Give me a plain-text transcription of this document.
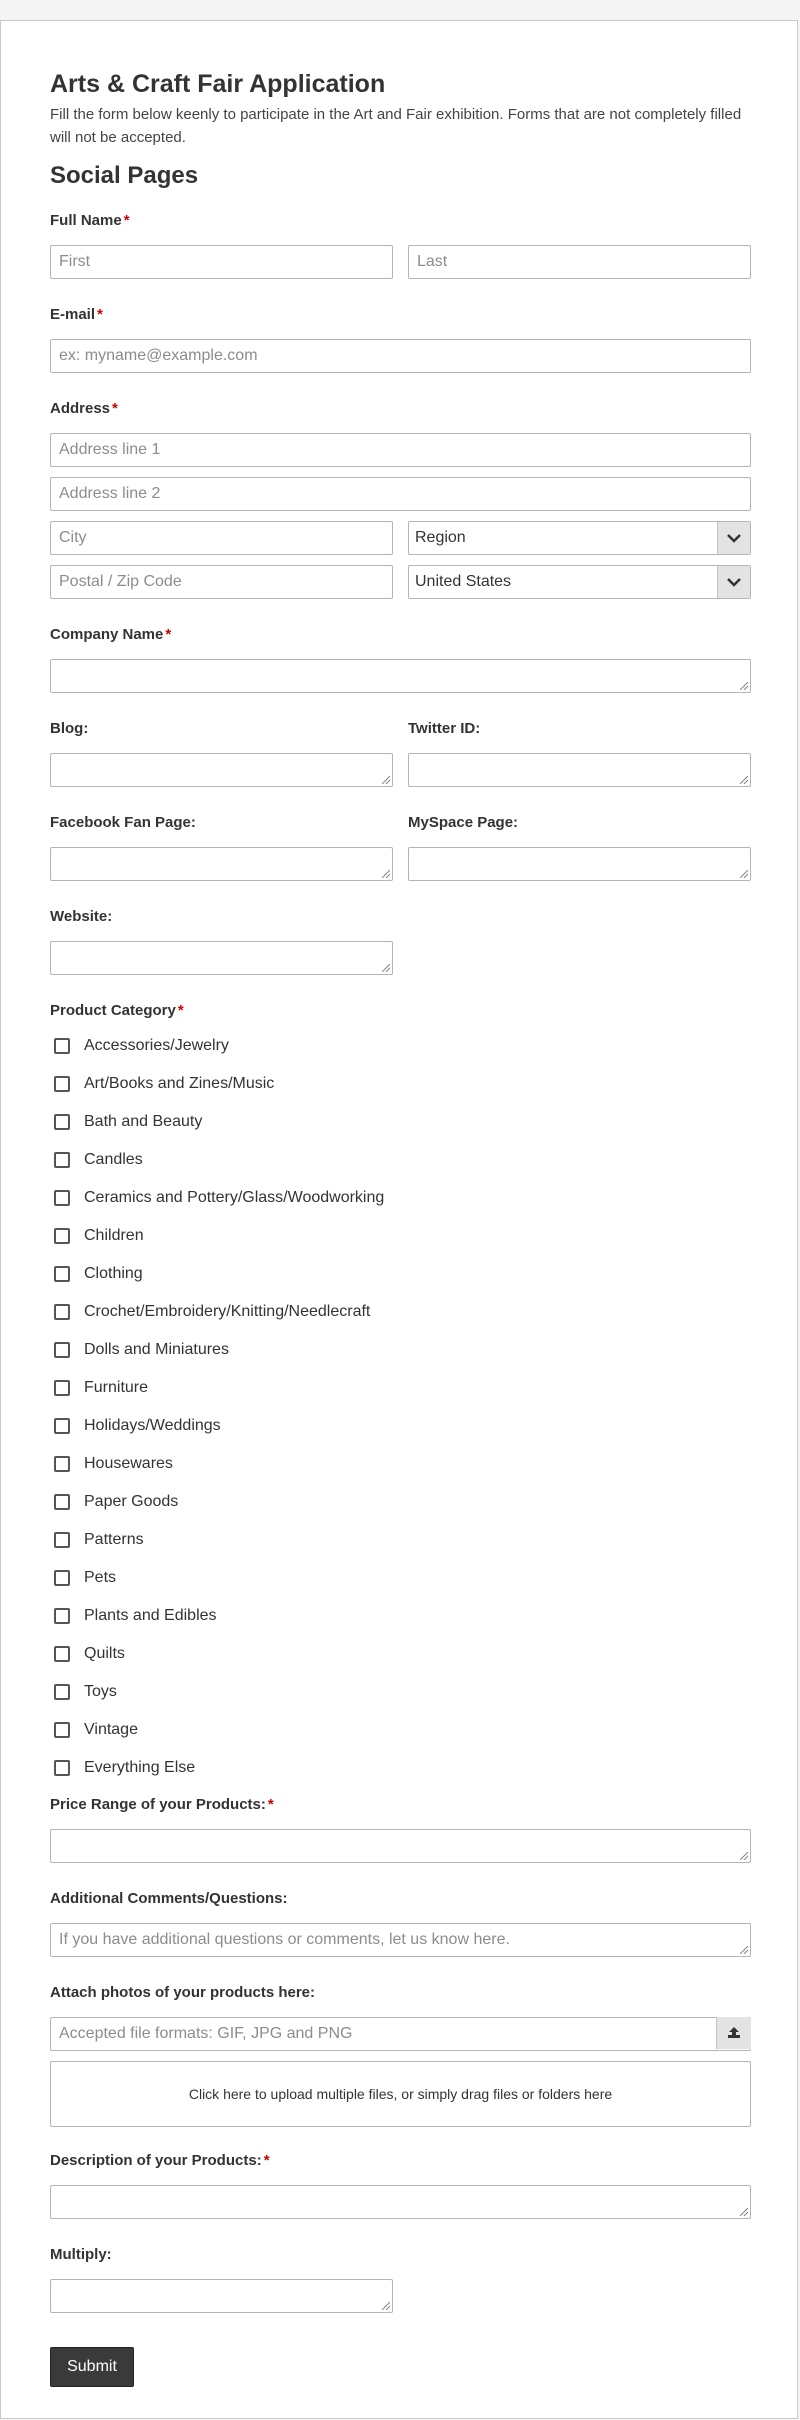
Arts & Craft Fair Application
Fill the form below keenly to participate in the Art and Fair exhibition. Forms that are not completely filled will not be accepted.
Social Pages
Full Name *
First
Last
E-mail *
ex: myname@example.com
Address *
Address line 1 Address line 2
City
Region
Postal / Zip Code
United States
Company Name *
Blog:	Twitter ID:
Facebook Fan Page:	MySpace Page:
Website:
Product Category *
Accessories/Jewelry
Art/Books and Zines/Music
Bath and Beauty
Candles
Ceramics and Pottery/Glass/Woodworking
Children
Clothing
Crochet/Embroidery/Knitting/Needlecraft
Dolls and Miniatures
Furniture
Holidays/Weddings
Housewares
Paper Goods
Patterns
Pets
Plants and Edibles
Quilts
Toys
Vintage
Everything Else
Price Range of your Products: *
Additional Comments/Questions:
If you have additional questions or comments, let us know here.
Attach photos of your products here:
Accepted file formats: GIF, JPG and PNG
Click here to upload multiple files, or simply drag files or folders here
Description of your Products: *
Multiply:
Submit
